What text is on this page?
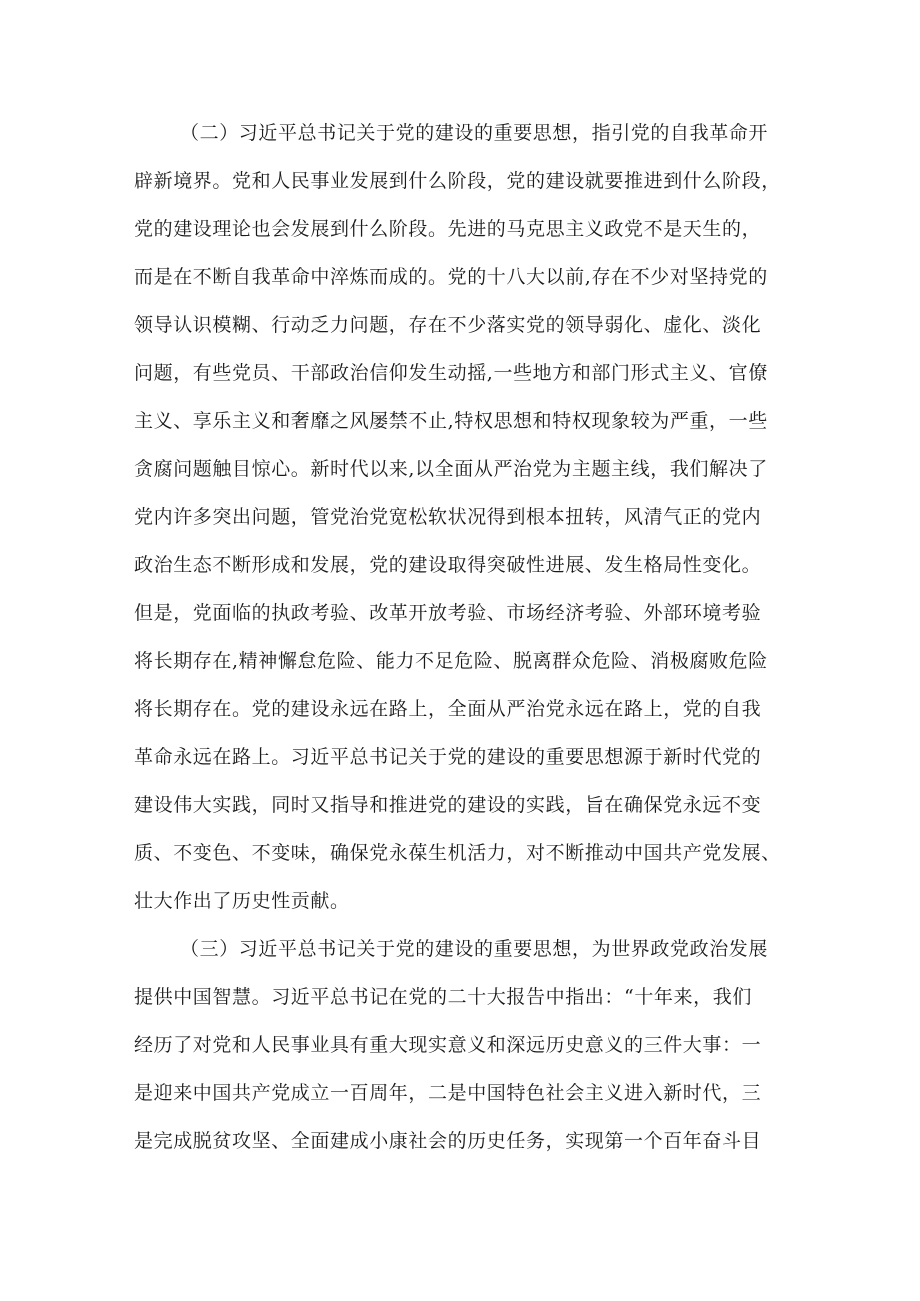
（二）习近平总书记关于党的建设的重要思想，指引党的自我革命开
辟新境界。党和人民事业发展到什么阶段，党的建设就要推进到什么阶段，
党的建设理论也会发展到什么阶段。先进的马克思主义政党不是天生的，
而是在不断自我革命中淬炼而成的。党的十八大以前,存在不少对坚持党的
领导认识模糊、行动乏力问题，存在不少落实党的领导弱化、虚化、淡化
问题，有些党员、干部政治信仰发生动摇,一些地方和部门形式主义、官僚
主义、享乐主义和奢靡之风屡禁不止,特权思想和特权现象较为严重，一些
贪腐问题触目惊心。新时代以来,以全面从严治党为主题主线，我们解决了
党内许多突出问题，管党治党宽松软状况得到根本扭转，风清气正的党内
政治生态不断形成和发展，党的建设取得突破性进展、发生格局性变化。
但是，党面临的执政考验、改革开放考验、市场经济考验、外部环境考验
将长期存在,精神懈怠危险、能力不足危险、脱离群众危险、消极腐败危险
将长期存在。党的建设永远在路上，全面从严治党永远在路上，党的自我
革命永远在路上。习近平总书记关于党的建设的重要思想源于新时代党的
建设伟大实践，同时又指导和推进党的建设的实践，旨在确保党永远不变
质、不变色、不变味，确保党永葆生机活力，对不断推动中国共产党发展、
壮大作出了历史性贡献。
（三）习近平总书记关于党的建设的重要思想，为世界政党政治发展
提供中国智慧。习近平总书记在党的二十大报告中指出：“十年来，我们
经历了对党和人民事业具有重大现实意义和深远历史意义的三件大事：一
是迎来中国共产党成立一百周年，二是中国特色社会主义进入新时代，三
是完成脱贫攻坚、全面建成小康社会的历史任务，实现第一个百年奋斗目
